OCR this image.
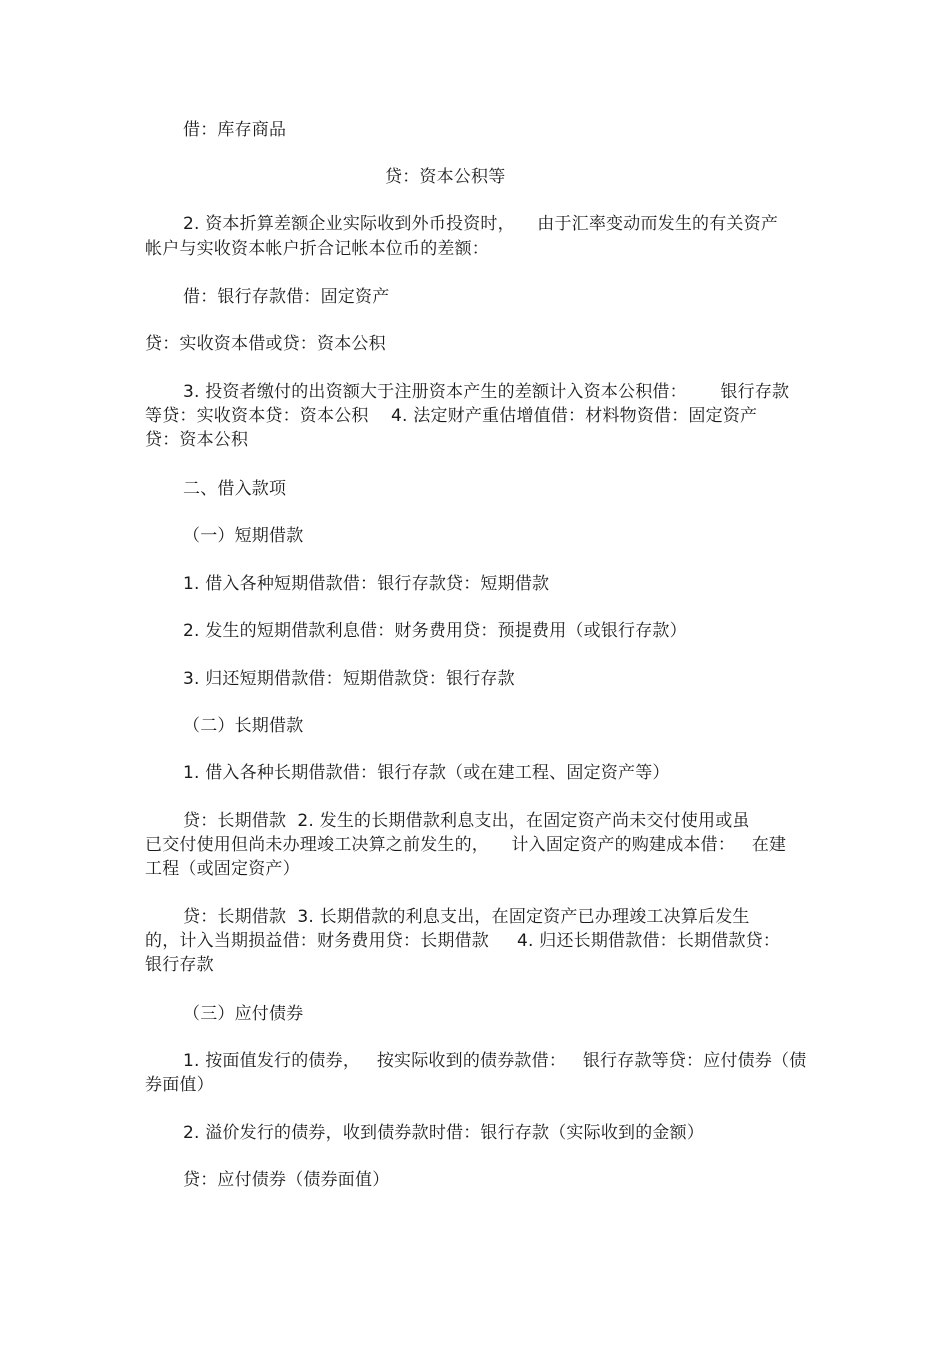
借：库存商品
贷：资本公积等
2. 资本折算差额企业实际收到外币投资时，    由于汇率变动而发生的有关资产
帐户与实收资本帐户折合记帐本位币的差额：
借：银行存款借：固定资产
贷：实收资本借或贷：资本公积
3. 投资者缴付的出资额大于注册资本产生的差额计入资本公积借：      银行存款
等贷：实收资本贷：资本公积    4. 法定财产重估增值借：材料物资借：固定资产
贷：资本公积
二、借入款项
（一）短期借款
1. 借入各种短期借款借：银行存款贷：短期借款
2. 发生的短期借款利息借：财务费用贷：预提费用（或银行存款）
3. 归还短期借款借：短期借款贷：银行存款
（二）长期借款
1. 借入各种长期借款借：银行存款（或在建工程、固定资产等）
贷：长期借款  2. 发生的长期借款利息支出，在固定资产尚未交付使用或虽
已交付使用但尚未办理竣工决算之前发生的，    计入固定资产的购建成本借：   在建
工程（或固定资产）
贷：长期借款  3. 长期借款的利息支出，在固定资产已办理竣工决算后发生
的，计入当期损益借：财务费用贷：长期借款     4. 归还长期借款借：长期借款贷：
银行存款
（三）应付债券
1. 按面值发行的债券，   按实际收到的债券款借：   银行存款等贷：应付债券（债
券面值）
2. 溢价发行的债券，收到债券款时借：银行存款（实际收到的金额）
贷：应付债券（债券面值）
